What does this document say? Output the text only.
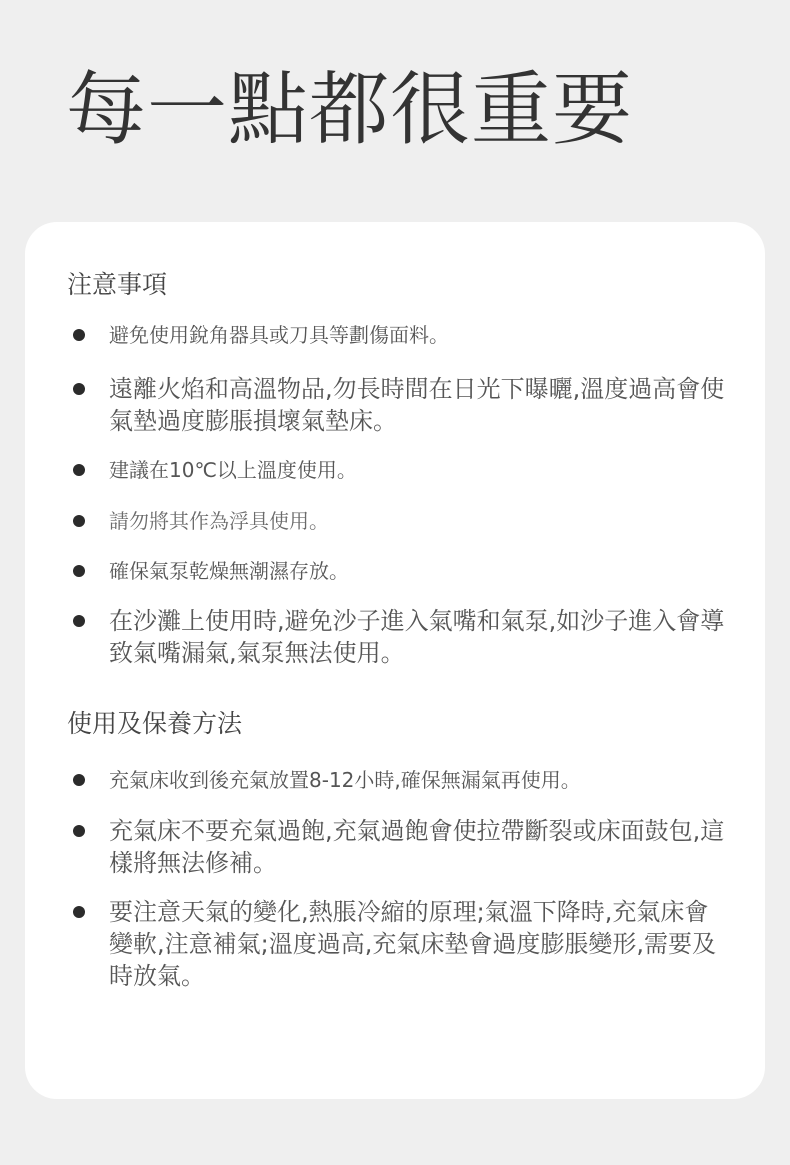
每一點都很重要
注意事項
避免使用銳角器具或刀具等劃傷面料。
遠離火焰和高溫物品,勿長時間在日光下曝曬,溫度過高會使氣墊過度膨脹損壞氣墊床。
建議在10℃以上溫度使用。
請勿將其作為浮具使用。
確保氣泵乾燥無潮濕存放。
在沙灘上使用時,避免沙子進入氣嘴和氣泵,如沙子進入會導致氣嘴漏氣,氣泵無法使用。
使用及保養方法
充氣床收到後充氣放置8-12小時,確保無漏氣再使用。
充氣床不要充氣過飽,充氣過飽會使拉帶斷裂或床面鼓包,這樣將無法修補。
要注意天氣的變化,熱脹冷縮的原理;氣溫下降時,充氣床會變軟,注意補氣;溫度過高,充氣床墊會過度膨脹變形,需要及時放氣。
